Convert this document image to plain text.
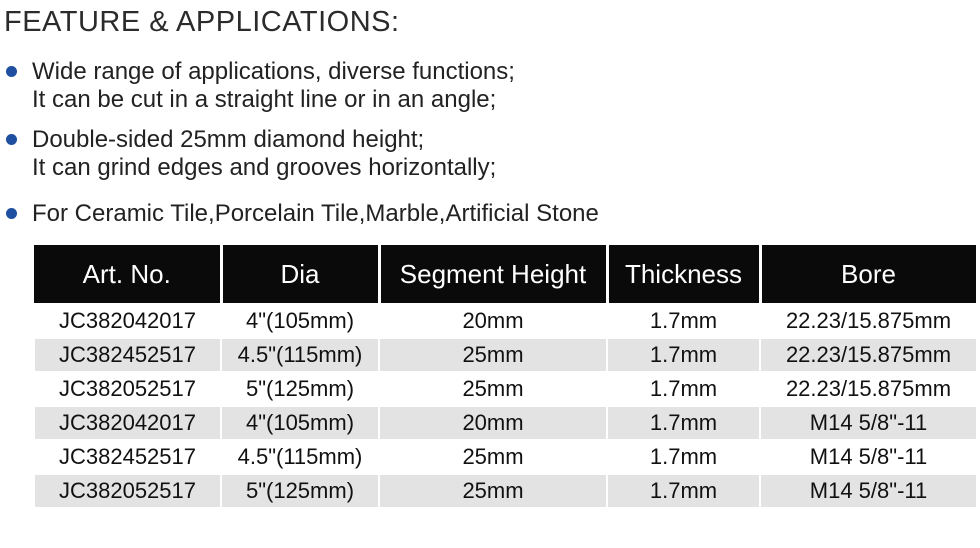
FEATURE & APPLICATIONS:
Wide range of applications, diverse functions;
It can be cut in a straight line or in an angle;
Double-sided 25mm diamond height;
It can grind edges and grooves horizontally;
For Ceramic Tile,Porcelain Tile,Marble,Artificial Stone
Art. No.	Dia	Segment Height	Thickness	Bore
JC382042017	4"(105mm)	20mm	1.7mm	22.23/15.875mm
JC382452517	4.5"(115mm)	25mm	1.7mm	22.23/15.875mm
JC382052517	5"(125mm)	25mm	1.7mm	22.23/15.875mm
JC382042017	4"(105mm)	20mm	1.7mm	M14 5/8"-11
JC382452517	4.5"(115mm)	25mm	1.7mm	M14 5/8"-11
JC382052517	5"(125mm)	25mm	1.7mm	M14 5/8"-11
